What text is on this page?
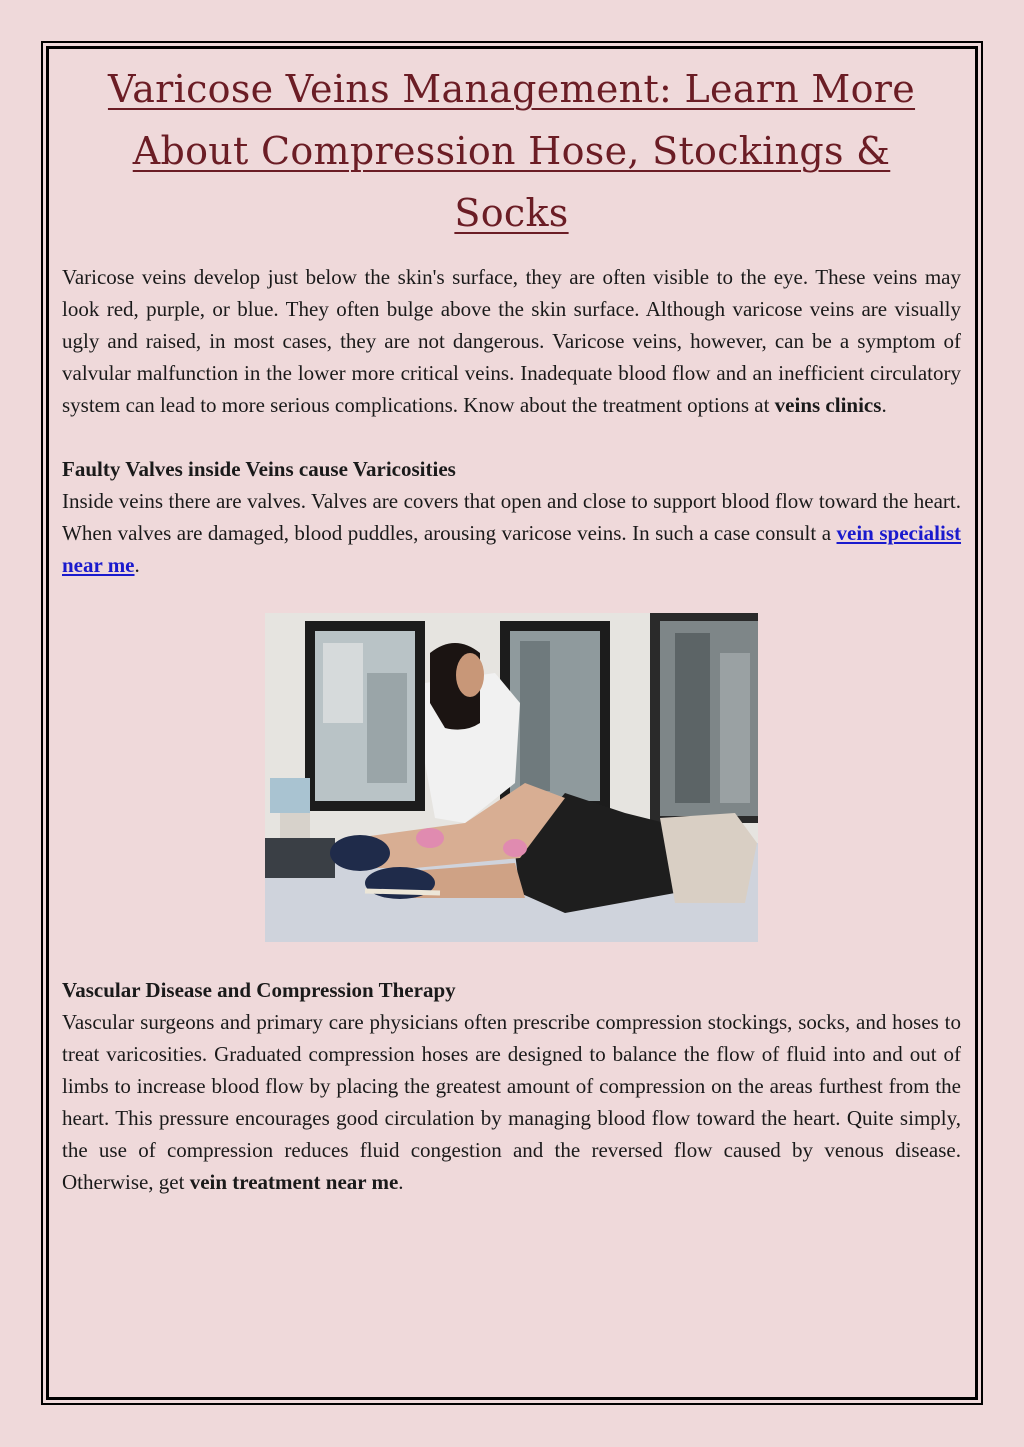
Varicose Veins Management: Learn More
About Compression Hose, Stockings &
Socks

Varicose veins develop just below the skin's surface, they are often visible to the eye. These veins may look red, purple, or blue. They often bulge above the skin surface. Although varicose veins are visually ugly and raised, in most cases, they are not dangerous. Varicose veins, however, can be a symptom of valvular malfunction in the lower more critical veins. Inadequate blood flow and an inefficient circulatory system can lead to more serious complications. Know about the treatment options at veins clinics.

Faulty Valves inside Veins cause Varicosities

Inside veins there are valves. Valves are covers that open and close to support blood flow toward the heart. When valves are damaged, blood puddles, arousing varicose veins. In such a case consult a vein specialist near me.

Vascular Disease and Compression Therapy

Vascular surgeons and primary care physicians often prescribe compression stockings, socks, and hoses to treat varicosities. Graduated compression hoses are designed to balance the flow of fluid into and out of limbs to increase blood flow by placing the greatest amount of compression on the areas furthest from the heart. This pressure encourages good circulation by managing blood flow toward the heart. Quite simply, the use of compression reduces fluid congestion and the reversed flow caused by venous disease. Otherwise, get vein treatment near me.
